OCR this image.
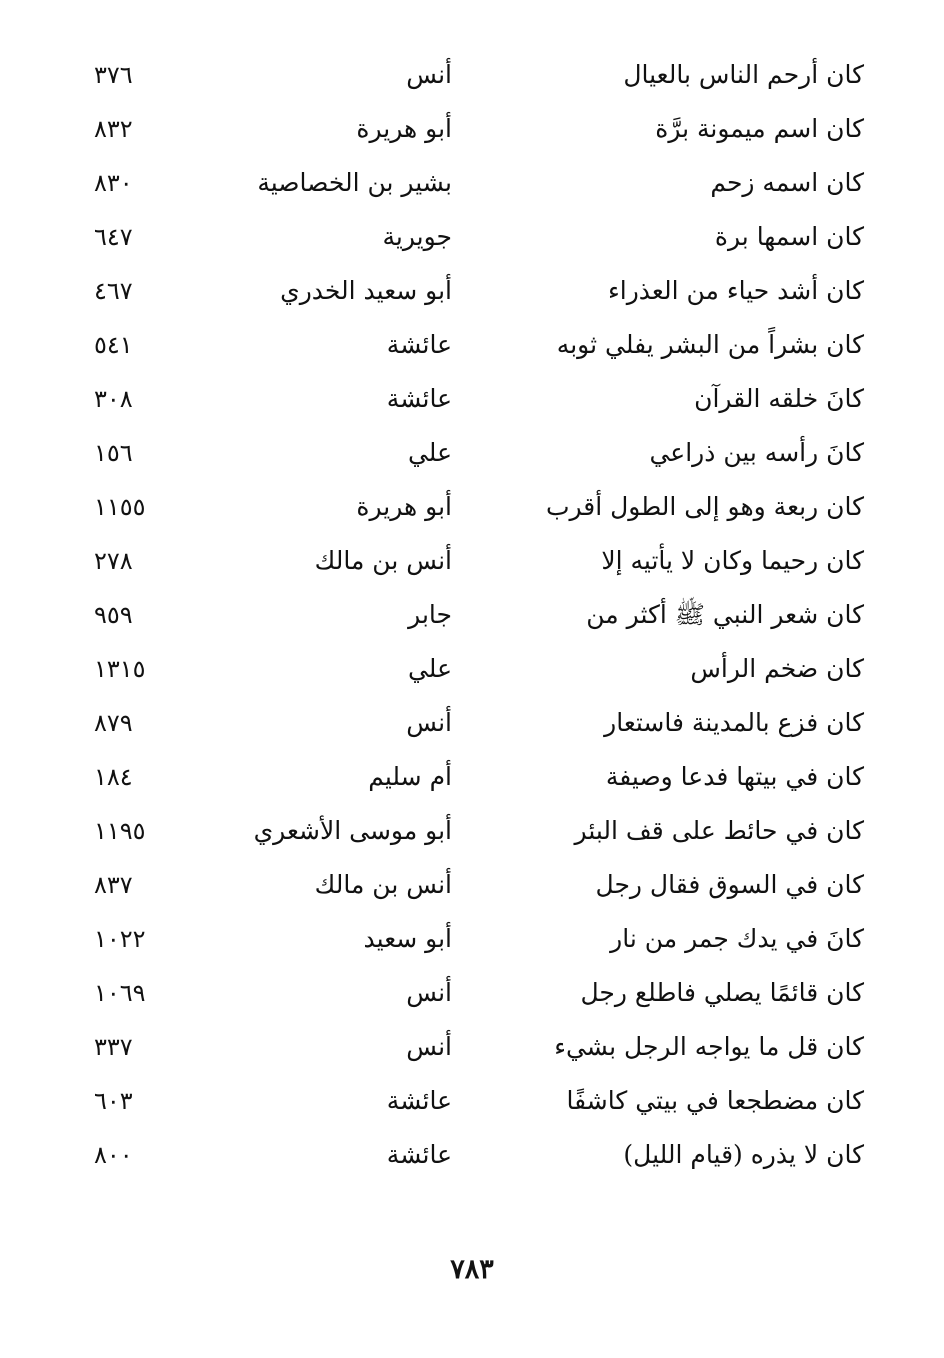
كان أرحم الناس بالعيال
أنس
٣٧٦
كان اسم ميمونة برَّة
أبو هريرة
٨٣٢
كان اسمه زحم
بشير بن الخصاصية
٨٣٠
كان اسمها برة
جويرية
٦٤٧
كان أشد حياء من العذراء
أبو سعيد الخدري
٤٦٧
كان بشراً من البشر يفلي ثوبه
عائشة
٥٤١
كانَ خلقه القرآن
عائشة
٣٠٨
كانَ رأسه بين ذراعي
علي
١٥٦
كان ربعة وهو إلى الطول أقرب
أبو هريرة
١١٥٥
كان رحيما وكان لا يأتيه إلا
أنس بن مالك
٢٧٨
كان شعر النبي ﷺ أكثر من
جابر
٩٥٩
كان ضخم الرأس
علي
١٣١٥
كان فزع بالمدينة فاستعار
أنس
٨٧٩
كان في بيتها فدعا وصيفة
أم سليم
١٨٤
كان في حائط على قف البئر
أبو موسى الأشعري
١١٩٥
كان في السوق فقال رجل
أنس بن مالك
٨٣٧
كانَ في يدك جمر من نار
أبو سعيد
١٠٢٢
كان قائمًا يصلي فاطلع رجل
أنس
١٠٦٩
كان قل ما يواجه الرجل بشيء
أنس
٣٣٧
كان مضطجعا في بيتي كاشفًا
عائشة
٦٠٣
كان لا يذره (قيام الليل)
عائشة
٨٠٠
٧٨٣
